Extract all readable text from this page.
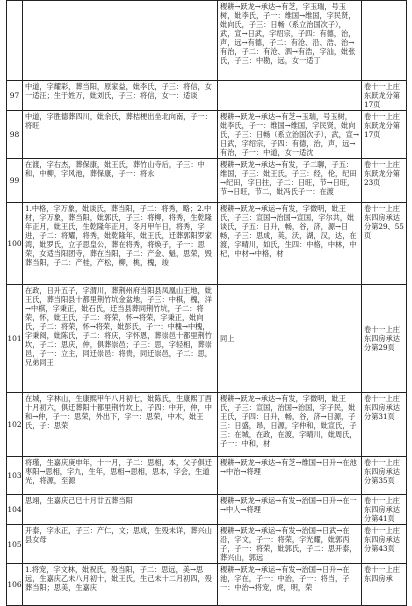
		稷耕→跃龙→承达→有芝，字玉瑞，号玉树，妣李氏，子一：维国→维国，字民贤，妣向氏，子三：日畅（系立治国次子），武，宣→日武，字绍宗，子四：有德，治，声，远→有德，子二：有沧、沿、浩、治→有治，子二：有沧、泗→有浩，字汕，妣张氏，子三：中勘，远，女一适丁	
97	中道，字耀彩，葬当阳，原家益，妣李氏，子三：将信，女一适汪；生于姓万，妣刘氏，子三：将信，女一：适谈		卷十一上庄东跃龙分第17页
98	中道，字胜德葬四川，妣余氏，葬桔梗出坐北向南，子一：将旺	稷耕→跃龙→承达→有芝→玉瑞，号玉树，妣李氏，子一：维国→维国，字民贤，妣向氏，子三：日畅（系立治国次子），武，宣→日武，字绍宗，子四：有德，治，声，远→有治，子一：中道，女一适沈	卷十一上庄东跃龙分第17页
99	在渡，字右杰，葬保康，妣王氏，葬竹山寺后，子三：中和，中柳，字风池，葬保康，子一：将永	稷耕→跃龙→承达→有发，子二聊，子五：维国，子三：妣王氏，子三：经，伦，纪田→纪田，字日拄，子二：日旺，节→日旺，节→日旺，节二，妣冯氏子一：在渡	卷十一上庄东跃龙分第23页
100	1.中格，字万象，妣谈氏，葬当阳，子二：将秀，略；2.中材，字万象，葬当阳，妣郭氏，子三：将柳，将秀，生乾隆年正月，妣王氏，生乾隆年正月，冬月甲午日，将秀，字进，子二：将耀，将秀，妣乾隆年，妣王氏，迁葬郭阳罗家湾，妣罗氏，立子思皇公，葬在将秀，将焕子，子一：思荣，女适当阳团寺，葬在当阳，子二：产金、魁，思荣，毁葬当阳，子二：产桂，产松，柳，桃，槐，竣	稷耕→跃龙→承运→有发，字微明，妣王氏，子三：宣国→治国→宣国，字尔共，妣谈氏，子五：日升，畅，谷，济，源→日畅，子三：思成，英，沃，湖，汉，达，在渡，字晴川，如氏，生四：中格，中林，中杞，中材→中格，材	卷十一上庄东四房承达分第29、55页
101	在政，日升五子，字渭川，葬荆州府当阳县凤凰山王地，妣王氏，葬当阳县十都里荆竹坑金盆地，子三：中棋，槐，洋→中棋，字秉正，妣石氏，迁当县葬同荆竹坑，子二：将荣，怀，妣王氏，子二：将荣，怀→将荣，字秉正，妣向氏，子二：将荣，怀→将荣，妣彭氏，子一：中槐→中槐，字秉阅，妣陈氏，子二：将庆，字怀恩，葬崇邑十都里荆竹坎，子二：思庆，仲，俱葬崇邑；子三：思，字轻相，葬崇邑，子一：立主，同迁崇邑：将贵，同迁崇邑，子二：思，兄弟同王	同上	卷十一上庄东四房承达分第29页
102	在城，字林山，生康熙甲午八月初七，妣陈氏，生康熙丁酉十月初六，俱迁葬阳十都里荆竹坎上，子四：中开，仲，中和→仲，子一：思荣，外出下，字一：思荣，中木，妣王氏，子：思荣	稷耕→跃龙→承达→有发，字微明，妣王氏，子三：宣国，治国→治国，字子民，妣王氏，子四：日升，畅，谷，济→日源，子三：日盛，昂，日源，字仲和，妣宣氏，子三：在城，在政，在渡，字晴川，妣周氏，子一：中和，材	卷十一上庄东四房承达分第31页
103	将瑾，生嘉庆庚申年，十一月，子二：思相，本，父子俱迁枣阳→思相，字九，生年，思相→思相，思本，字会，生道光，将源，至源	稷耕→跃龙→承达→有芝→维国→日升→在池→中治→将理	卷十一上庄东四房承达分第35页
104	思翊，生嘉庆己巳十月廿五葬当阳	稷耕→跃龙→承运→有发→治国→日升→在一→中人→将理	卷十一上庄东四房承达分第41页
105	开泰，字永正，子三：产仁，文；思成，生殁未详，葬兴山县女母	稷耕→跃龙→承运→有发→治国→日武→在沿，字文，子一：将荣，字光耀，妣郭丙子，子一：将荣，妣郭氏，子二：思开泰，葬兴山，郭远	卷十一上庄东四房承达分第43页
106	1.将宠，字文林，妣祝氏，殁当阳，子二：思远，美→思远，生嘉庆乙未八月初十，妣王氏，生己未十二月初四，殁葬当阳；思美，生嘉庆	稷耕→跃龙→承运→有发→治国→日升→在池，字在，子一：中治，子一：将当，子一：中治→将宠，虎，明，荣	卷十一上庄东四房承
